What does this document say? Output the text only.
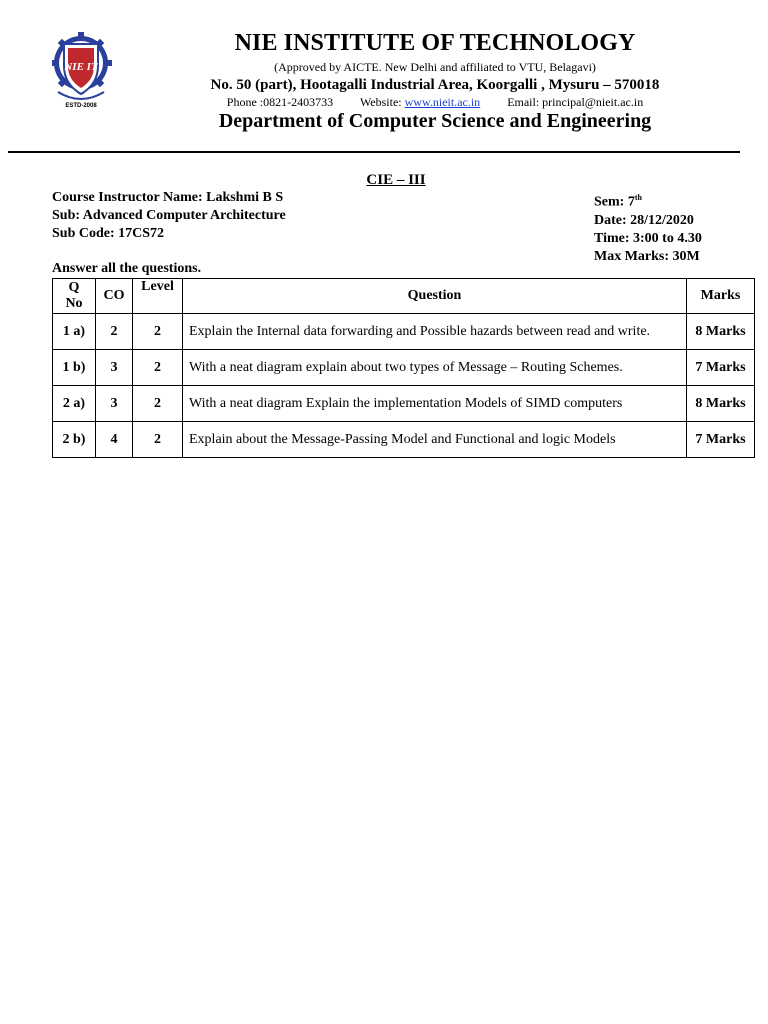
NIE IT
ESTD-2008
NIE INSTITUTE OF TECHNOLOGY
(Approved by AICTE. New Delhi and affiliated to VTU, Belagavi)
No. 50 (part), Hootagalli Industrial Area, Koorgalli , Mysuru – 570018
Phone :0821-2403733 Website: www.nieit.ac.in Email: principal@nieit.ac.in
Department of Computer Science and Engineering
CIE – III
Course Instructor Name: Lakshmi B S
Sub: Advanced Computer Architecture
Sub Code: 17CS72
Sem: 7th
Date: 28/12/2020
Time: 3:00 to 4.30
Max Marks: 30M
Answer all the questions.
Q
No	CO	Level	Question	Marks
1 a)	2	2	Explain the Internal data forwarding and Possible hazards between read and write.	8 Marks
1 b)	3	2	With a neat diagram explain about two types of Message – Routing Schemes.	7 Marks
2 a)	3	2	With a neat diagram Explain the implementation Models of SIMD computers	8 Marks
2 b)	4	2	Explain about the Message-Passing Model and Functional and logic Models	7 Marks
